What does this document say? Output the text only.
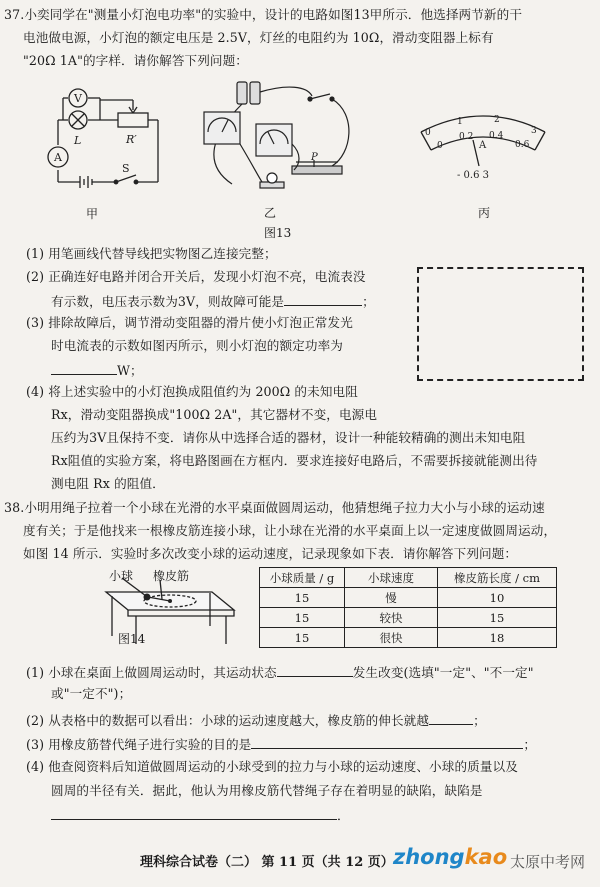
37.小奕同学在"测量小灯泡电功率"的实验中，设计的电路如图13甲所示．他选择两节新的干
电池做电源，小灯泡的额定电压是 2.5V，灯丝的电阻约为 10Ω，滑动变阻器上标有
"20Ω 1A"的字样．请你解答下列问题：
V
A
L	R′
S
甲
P
乙
图13
0
1	2
3
0
0.2 0.4
0.6
A
- 0.6 3
丙
(1) 用笔画线代替导线把实物图乙连接完整；
(2) 正确连好电路并闭合开关后，发现小灯泡不亮，电流表没
有示数，电压表示数为3V，则故障可能是	；
(3) 排除故障后，调节滑动变阻器的滑片使小灯泡正常发光
时电流表的示数如图丙所示，则小灯泡的额定功率为
W；
(4) 将上述实验中的小灯泡换成阻值约为 200Ω 的未知电阻
Rx，滑动变阻器换成"100Ω 2A"，其它器材不变，电源电
压约为3V且保持不变．请你从中选择合适的器材，设计一种能较精确的测出未知电阻
Rx阻值的实验方案，将电路图画在方框内．要求连接好电路后，不需要拆接就能测出待
测电阻 Rx 的阻值．
38.小明用绳子拉着一个小球在光滑的水平桌面做圆周运动，他猜想绳子拉力大小与小球的运动速
度有关；于是他找来一根橡皮筋连接小球，让小球在光滑的水平桌面上以一定速度做圆周运动，
如图 14 所示．实验时多次改变小球的运动速度，记录现象如下表．请你解答下列问题：
小球 橡皮筋
图14
小球质量 / g	小球速度	橡皮筋长度 / cm
15	慢	10
15	较快	15
15	很快	18
(1) 小球在桌面上做圆周运动时，其运动状态	发生改变(选填"一定"、"不一定"
或"一定不")；
(2) 从表格中的数据可以看出：小球的运动速度越大，橡皮筋的伸长就越	；
(3) 用橡皮筋替代绳子进行实验的目的是	；
(4) 他查阅资料后知道做圆周运动的小球受到的拉力与小球的运动速度、小球的质量以及
圆周的半径有关．据此，他认为用橡皮筋代替绳子存在着明显的缺陷，缺陷是
．
理科综合试卷（二） 第 11 页（共 12 页） zhongkao 太原中考网
